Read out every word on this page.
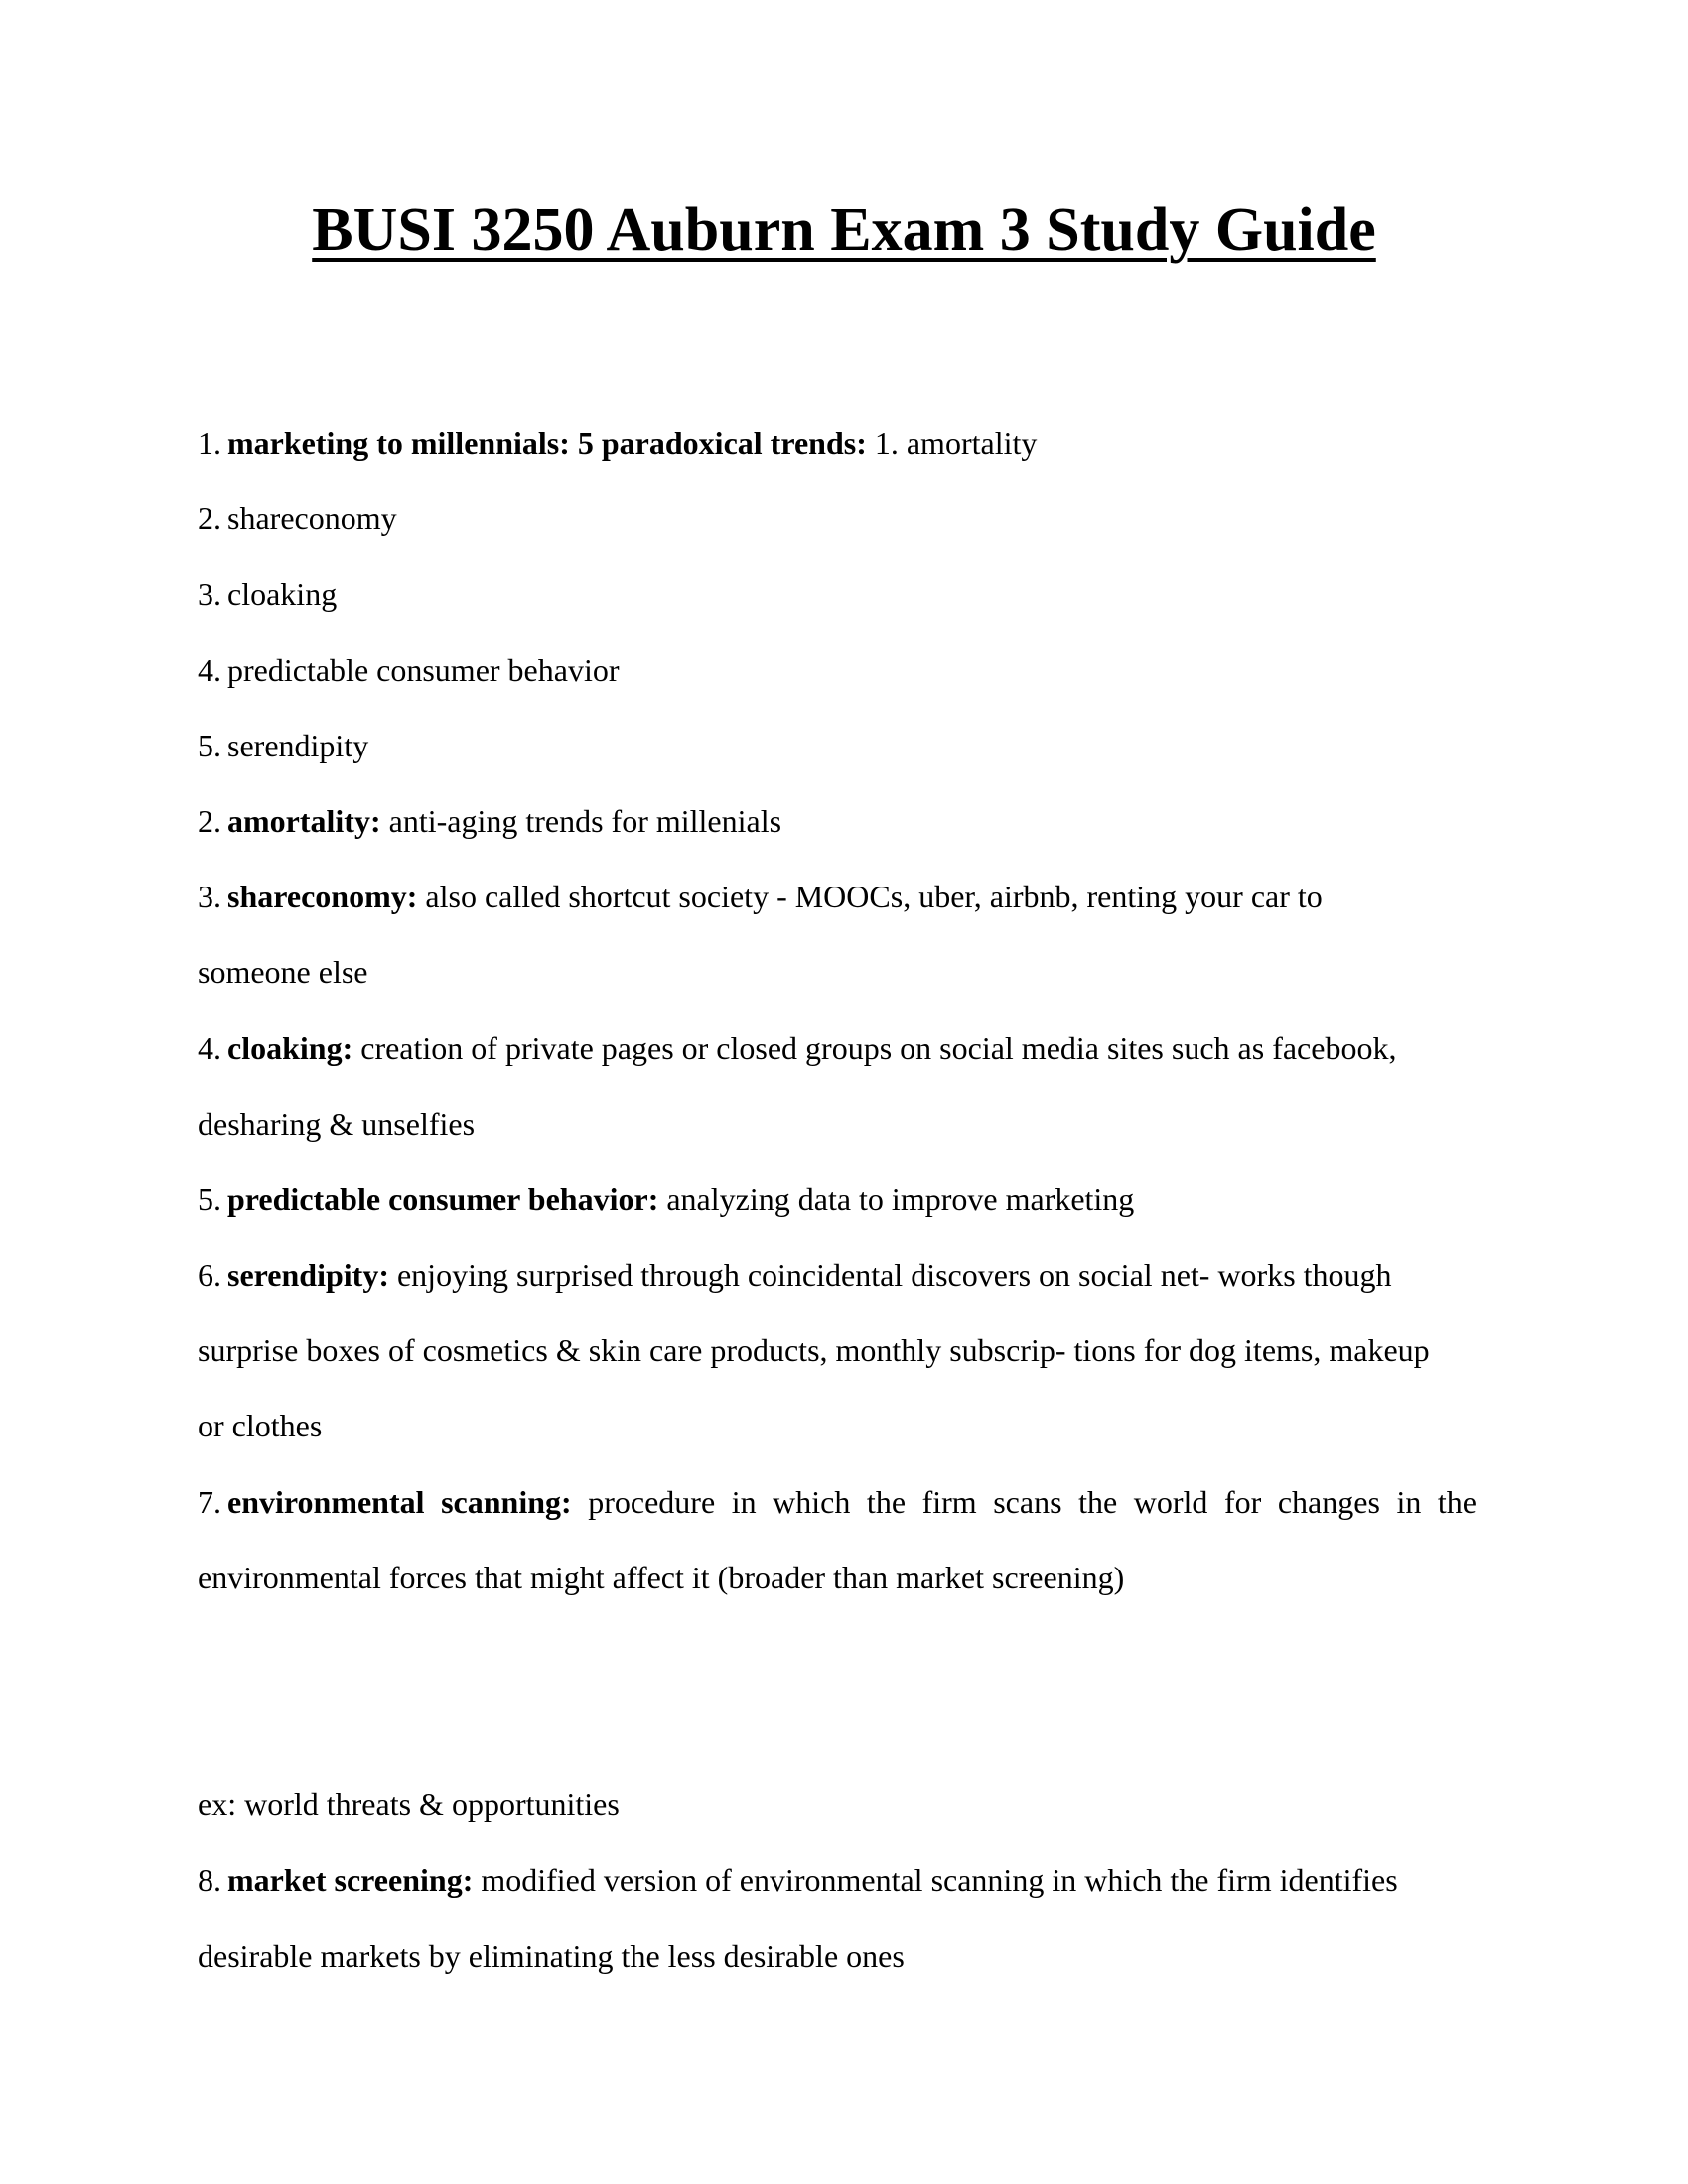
BUSI 3250 Auburn Exam 3 Study Guide
1. marketing to millennials: 5 paradoxical trends: 1. amortality
2. shareconomy
3. cloaking
4. predictable consumer behavior
5. serendipity
2. amortality: anti-aging trends for millenials
3. shareconomy: also called shortcut society - MOOCs, uber, airbnb, renting your car to
someone else
4. cloaking: creation of private pages or closed groups on social media sites such as facebook,
desharing & unselfies
5. predictable consumer behavior: analyzing data to improve marketing
6. serendipity: enjoying surprised through coincidental discovers on social net- works though
surprise boxes of cosmetics & skin care products, monthly subscrip- tions for dog items, makeup
or clothes
7. environmental scanning: procedure in which the firm scans the world for changes in the
environmental forces that might affect it (broader than market screening)
ex: world threats & opportunities
8. market screening: modified version of environmental scanning in which the firm identifies
desirable markets by eliminating the less desirable ones
